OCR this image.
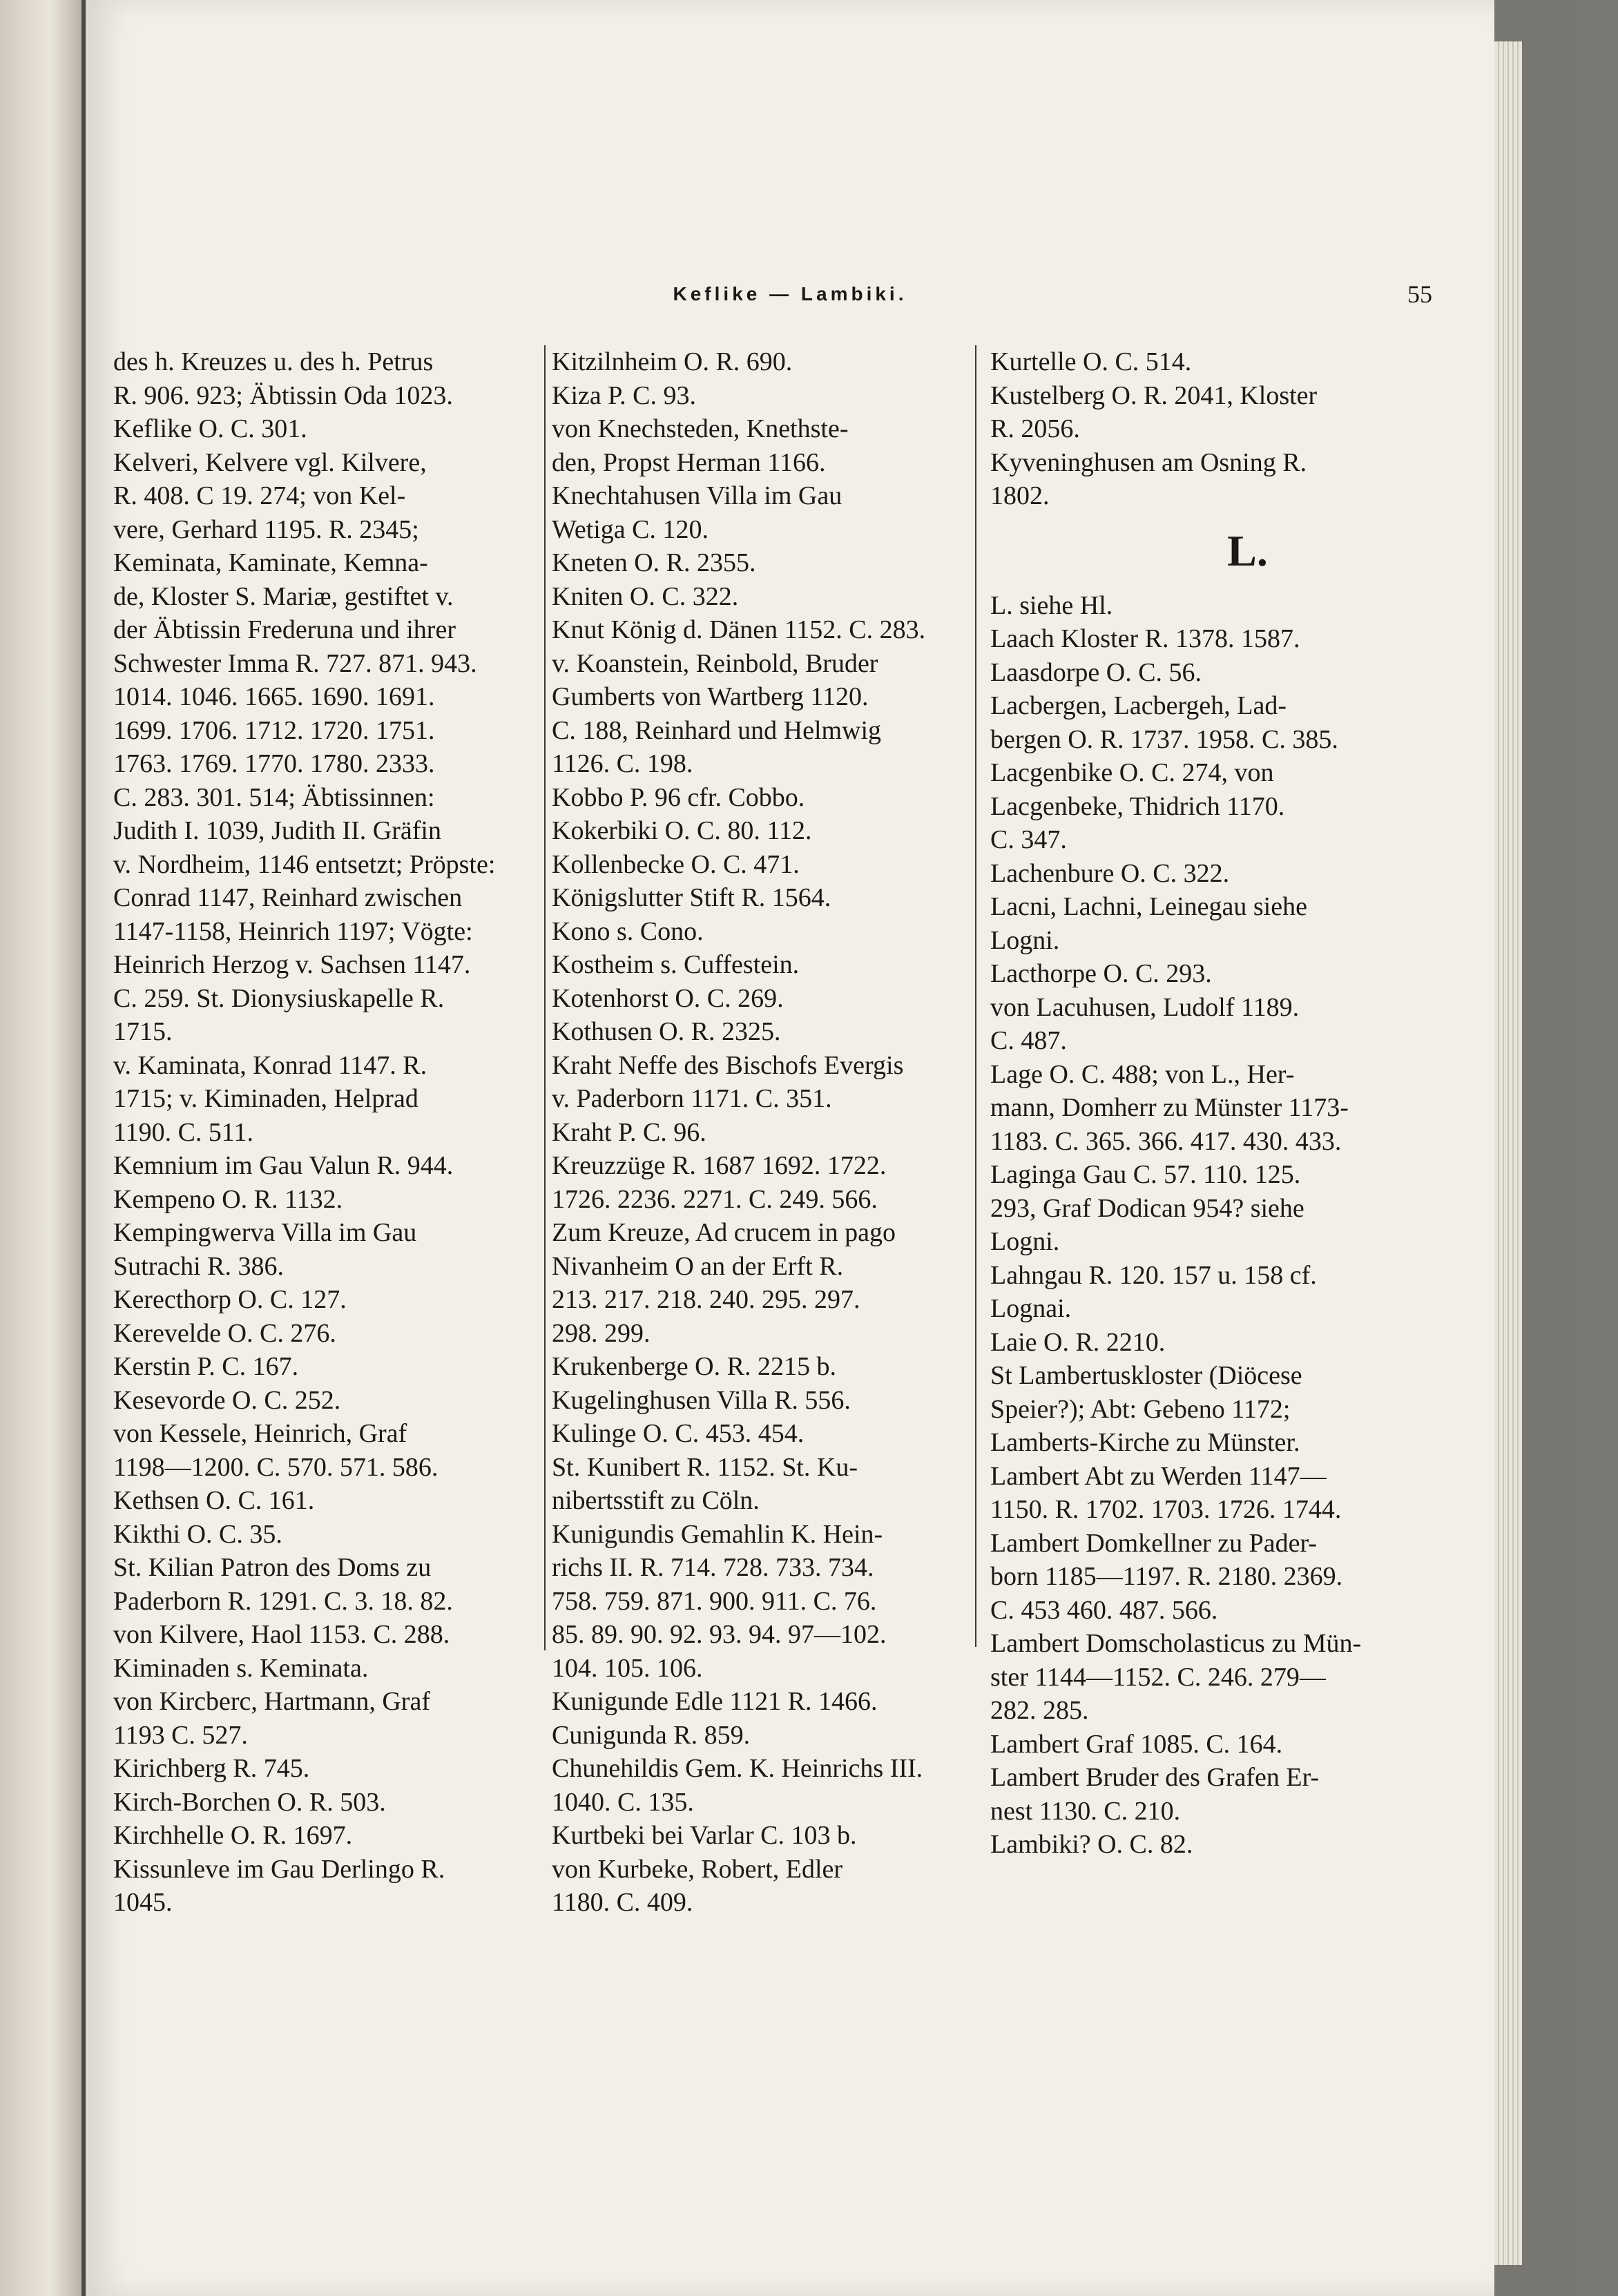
Keflike — Lambiki.	55
des h. Kreuzes u. des h. Petrus
R. 906. 923; Äbtissin Oda 1023.
Keflike O. C. 301.
Kelveri, Kelvere vgl. Kilvere,
R. 408. C 19. 274; von Kel-
vere, Gerhard 1195. R. 2345;
Keminata, Kaminate, Kemna-
de, Kloster S. Mariæ, gestiftet v.
der Äbtissin Frederuna und ihrer
Schwester Imma R. 727. 871. 943.
1014. 1046. 1665. 1690. 1691.
1699. 1706. 1712. 1720. 1751.
1763. 1769. 1770. 1780. 2333.
C. 283. 301. 514; Äbtissinnen:
Judith I. 1039, Judith II. Gräfin
v. Nordheim, 1146 entsetzt; Pröpste:
Conrad 1147, Reinhard zwischen
1147-1158, Heinrich 1197; Vögte:
Heinrich Herzog v. Sachsen 1147.
C. 259. St. Dionysiuskapelle R.
1715.
v. Kaminata, Konrad 1147. R.
1715; v. Kiminaden, Helprad
1190. C. 511.
Kemnium im Gau Valun R. 944.
Kempeno O. R. 1132.
Kempingwerva Villa im Gau
Sutrachi R. 386.
Kerecthorp O. C. 127.
Kerevelde O. C. 276.
Kerstin P. C. 167.
Kesevorde O. C. 252.
von Kessele, Heinrich, Graf
1198—1200. C. 570. 571. 586.
Kethsen O. C. 161.
Kikthi O. C. 35.
St. Kilian Patron des Doms zu
Paderborn R. 1291. C. 3. 18. 82.
von Kilvere, Haol 1153. C. 288.
Kiminaden s. Keminata.
von Kircberc, Hartmann, Graf
1193 C. 527.
Kirichberg R. 745.
Kirch-Borchen O. R. 503.
Kirchhelle O. R. 1697.
Kissunleve im Gau Derlingo R.
1045.
Kitzilnheim O. R. 690.
Kiza P. C. 93.
von Knechsteden, Knethste-
den, Propst Herman 1166.
Knechtahusen Villa im Gau
Wetiga C. 120.
Kneten O. R. 2355.
Kniten O. C. 322.
Knut König d. Dänen 1152. C. 283.
v. Koanstein, Reinbold, Bruder
Gumberts von Wartberg 1120.
C. 188, Reinhard und Helmwig
1126. C. 198.
Kobbo P. 96 cfr. Cobbo.
Kokerbiki O. C. 80. 112.
Kollenbecke O. C. 471.
Königslutter Stift R. 1564.
Kono s. Cono.
Kostheim s. Cuffestein.
Kotenhorst O. C. 269.
Kothusen O. R. 2325.
Kraht Neffe des Bischofs Evergis
v. Paderborn 1171. C. 351.
Kraht P. C. 96.
Kreuzzüge R. 1687 1692. 1722.
1726. 2236. 2271. C. 249. 566.
Zum Kreuze, Ad crucem in pago
Nivanheim O an der Erft R.
213. 217. 218. 240. 295. 297.
298. 299.
Krukenberge O. R. 2215 b.
Kugelinghusen Villa R. 556.
Kulinge O. C. 453. 454.
St. Kunibert R. 1152. St. Ku-
nibertsstift zu Cöln.
Kunigundis Gemahlin K. Hein-
richs II. R. 714. 728. 733. 734.
758. 759. 871. 900. 911. C. 76.
85. 89. 90. 92. 93. 94. 97—102.
104. 105. 106.
Kunigunde Edle 1121 R. 1466.
Cunigunda R. 859.
Chunehildis Gem. K. Heinrichs III.
1040. C. 135.
Kurtbeki bei Varlar C. 103 b.
von Kurbeke, Robert, Edler
1180. C. 409.
Kurtelle O. C. 514.
Kustelberg O. R. 2041, Kloster
R. 2056.
Kyveninghusen am Osning R.
1802.
L.
L. siehe Hl.
Laach Kloster R. 1378. 1587.
Laasdorpe O. C. 56.
Lacbergen, Lacbergeh, Lad-
bergen O. R. 1737. 1958. C. 385.
Lacgenbike O. C. 274, von
Lacgenbeke, Thidrich 1170.
C. 347.
Lachenbure O. C. 322.
Lacni, Lachni, Leinegau siehe
Logni.
Lacthorpe O. C. 293.
von Lacuhusen, Ludolf 1189.
C. 487.
Lage O. C. 488; von L., Her-
mann, Domherr zu Münster 1173-
1183. C. 365. 366. 417. 430. 433.
Laginga Gau C. 57. 110. 125.
293, Graf Dodican 954? siehe
Logni.
Lahngau R. 120. 157 u. 158 cf.
Lognai.
Laie O. R. 2210.
St Lambertuskloster (Diöcese
Speier?); Abt: Gebeno 1172;
Lamberts-Kirche zu Münster.
Lambert Abt zu Werden 1147—
1150. R. 1702. 1703. 1726. 1744.
Lambert Domkellner zu Pader-
born 1185—1197. R. 2180. 2369.
C. 453 460. 487. 566.
Lambert Domscholasticus zu Mün-
ster 1144—1152. C. 246. 279—
282. 285.
Lambert Graf 1085. C. 164.
Lambert Bruder des Grafen Er-
nest 1130. C. 210.
Lambiki? O. C. 82.
